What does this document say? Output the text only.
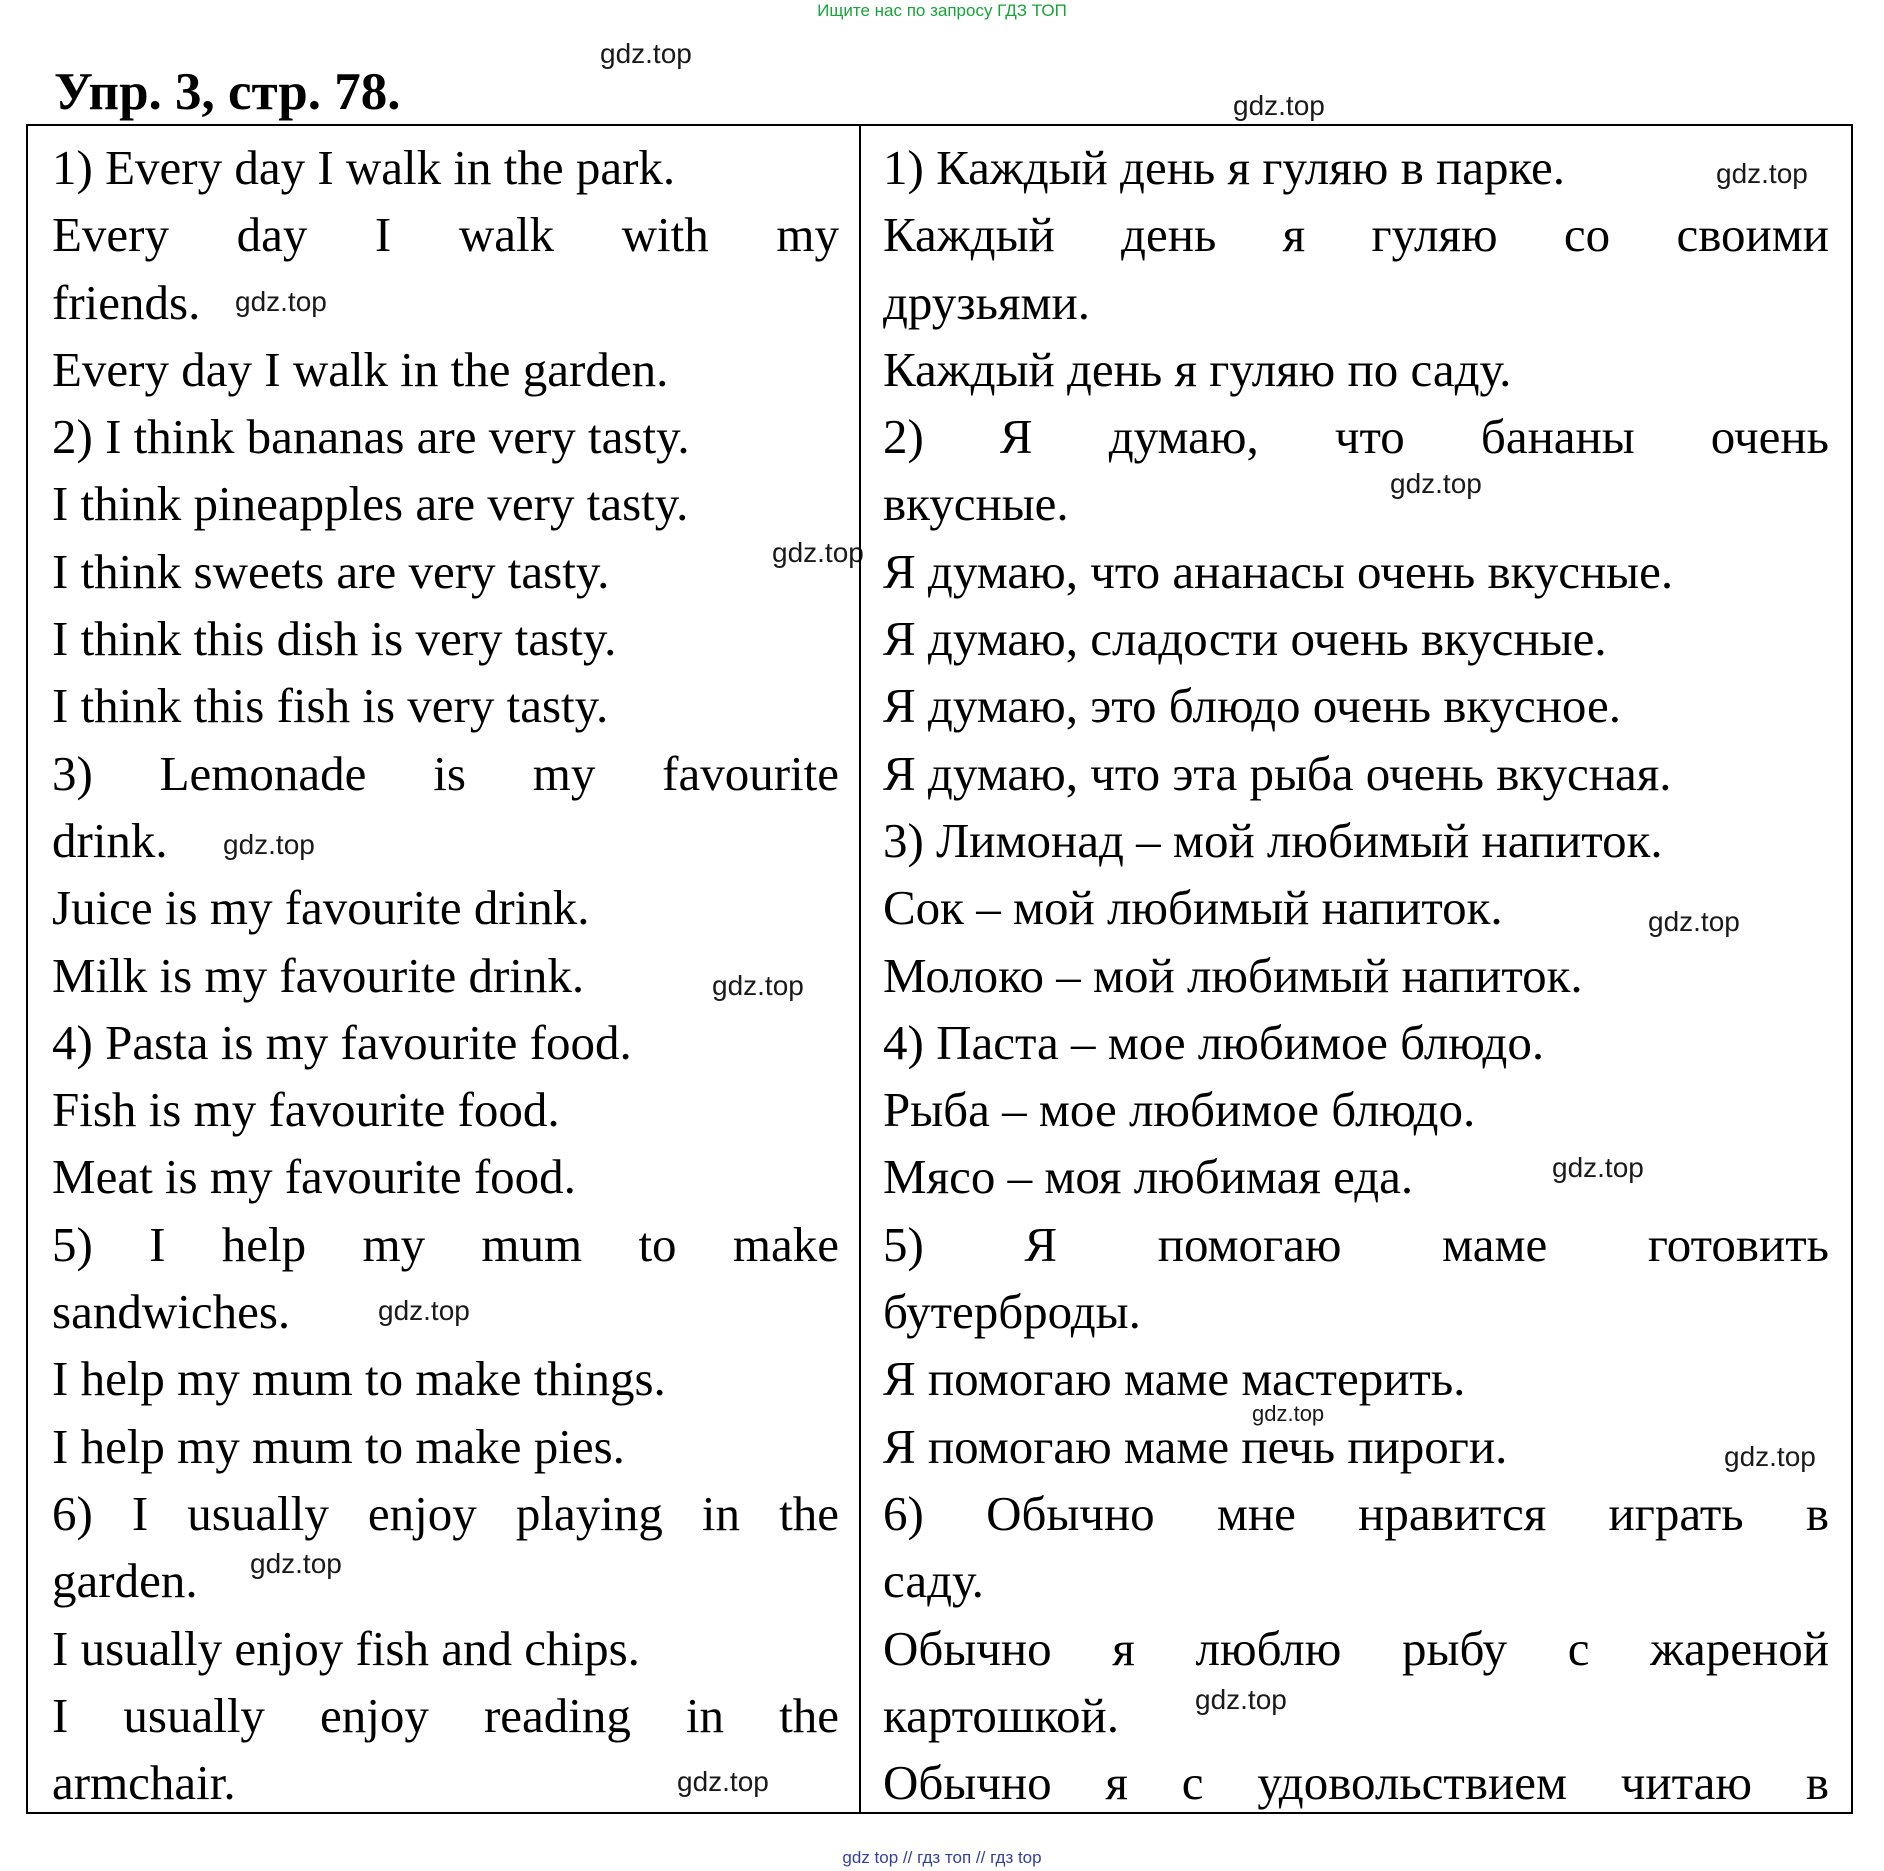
Ищите нас по запросу ГДЗ ТОП
Упр. 3, стр. 78.
gdz.top
gdz.top
gdz.top
gdz.top
gdz.top
gdz.top
gdz.top
gdz.top
gdz.top
gdz.top
gdz.top
gdz.top
gdz.top
gdz.top
gdz.top
gdz.top
1) Every day I walk in the park.
Every day I walk with my
friends.
Every day I walk in the garden.
2) I think bananas are very tasty.
I think pineapples are very tasty.
I think sweets are very tasty.
I think this dish is very tasty.
I think this fish is very tasty.
3) Lemonade is my favourite
drink.
Juice is my favourite drink.
Milk is my favourite drink.
4) Pasta is my favourite food.
Fish is my favourite food.
Meat is my favourite food.
5) I help my mum to make
sandwiches.
I help my mum to make things.
I help my mum to make pies.
6) I usually enjoy playing in the
garden.
I usually enjoy fish and chips.
I usually enjoy reading in the
armchair.
1) Каждый день я гуляю в парке.
Каждый день я гуляю со своими
друзьями.
Каждый день я гуляю по саду.
2) Я думаю, что бананы очень
вкусные.
Я думаю, что ананасы очень вкусные.
Я думаю, сладости очень вкусные.
Я думаю, это блюдо очень вкусное.
Я думаю, что эта рыба очень вкусная.
3) Лимонад – мой любимый напиток.
Сок – мой любимый напиток.
Молоко – мой любимый напиток.
4) Паста – мое любимое блюдо.
Рыба – мое любимое блюдо.
Мясо – моя любимая еда.
5) Я помогаю маме готовить
бутерброды.
Я помогаю маме мастерить.
Я помогаю маме печь пироги.
6) Обычно мне нравится играть в
саду.
Обычно я люблю рыбу с жареной
картошкой.
Обычно я с удовольствием читаю в
gdz top // гдз топ // гдз top
